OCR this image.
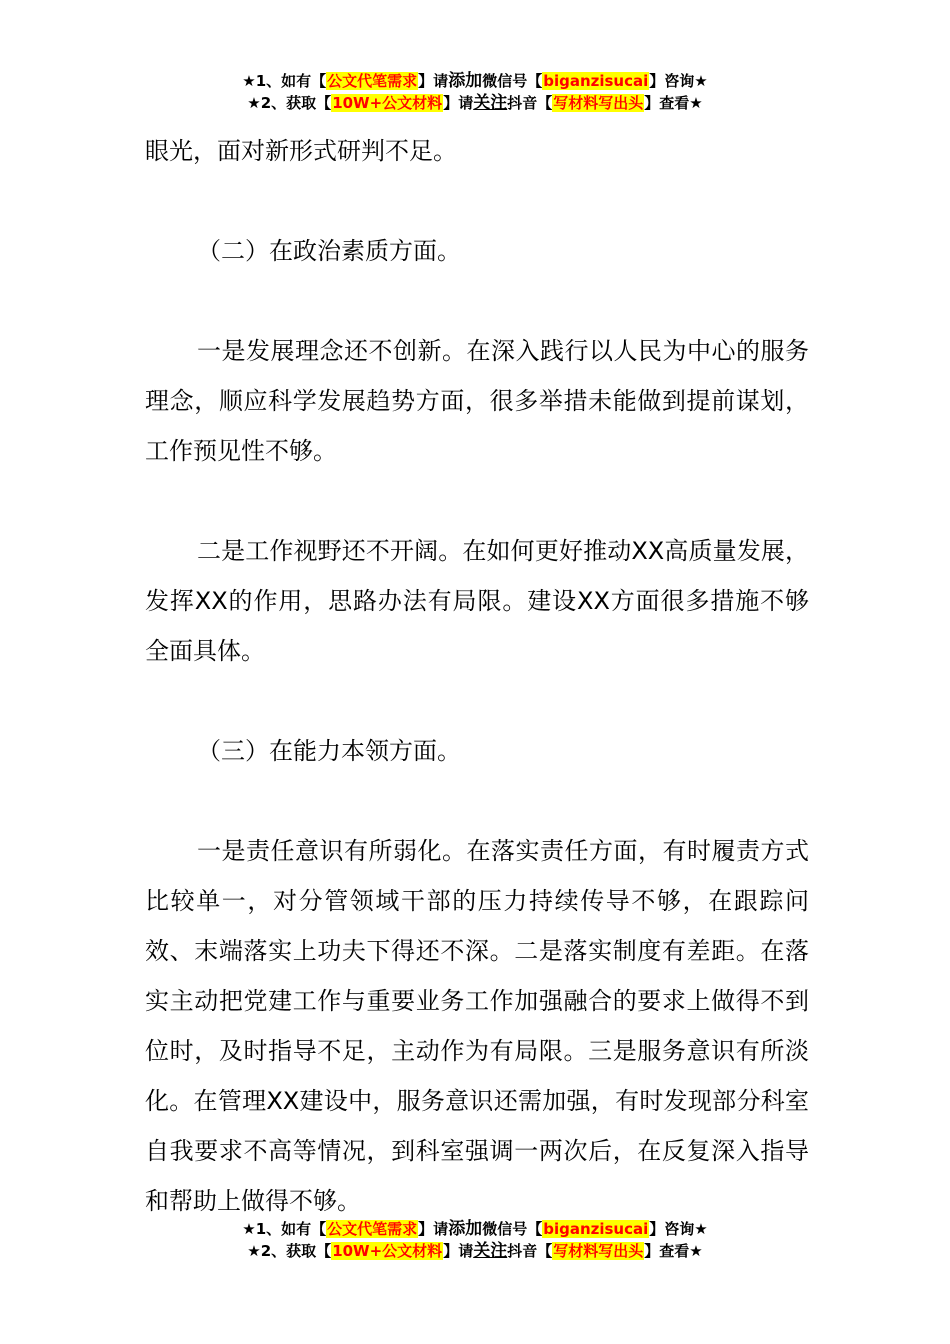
★1、如有【公文代笔需求】请添加微信号【biganzisucai】咨询★
★2、获取【10W+公文材料】请关注抖音【写材料写出头】查看★

眼光，面对新形式研判不足。

（二）在政治素质方面。

一是发展理念还不创新。在深入践行以人民为中心的服务理念，顺应科学发展趋势方面，很多举措未能做到提前谋划，工作预见性不够。

二是工作视野还不开阔。在如何更好推动XX高质量发展，发挥XX的作用，思路办法有局限。建设XX方面很多措施不够全面具体。

（三）在能力本领方面。

一是责任意识有所弱化。在落实责任方面，有时履责方式比较单一，对分管领域干部的压力持续传导不够，在跟踪问效、末端落实上功夫下得还不深。二是落实制度有差距。在落实主动把党建工作与重要业务工作加强融合的要求上做得不到位时，及时指导不足，主动作为有局限。三是服务意识有所淡化。在管理XX建设中，服务意识还需加强，有时发现部分科室自我要求不高等情况，到科室强调一两次后，在反复深入指导和帮助上做得不够。

★1、如有【公文代笔需求】请添加微信号【biganzisucai】咨询★
★2、获取【10W+公文材料】请关注抖音【写材料写出头】查看★
